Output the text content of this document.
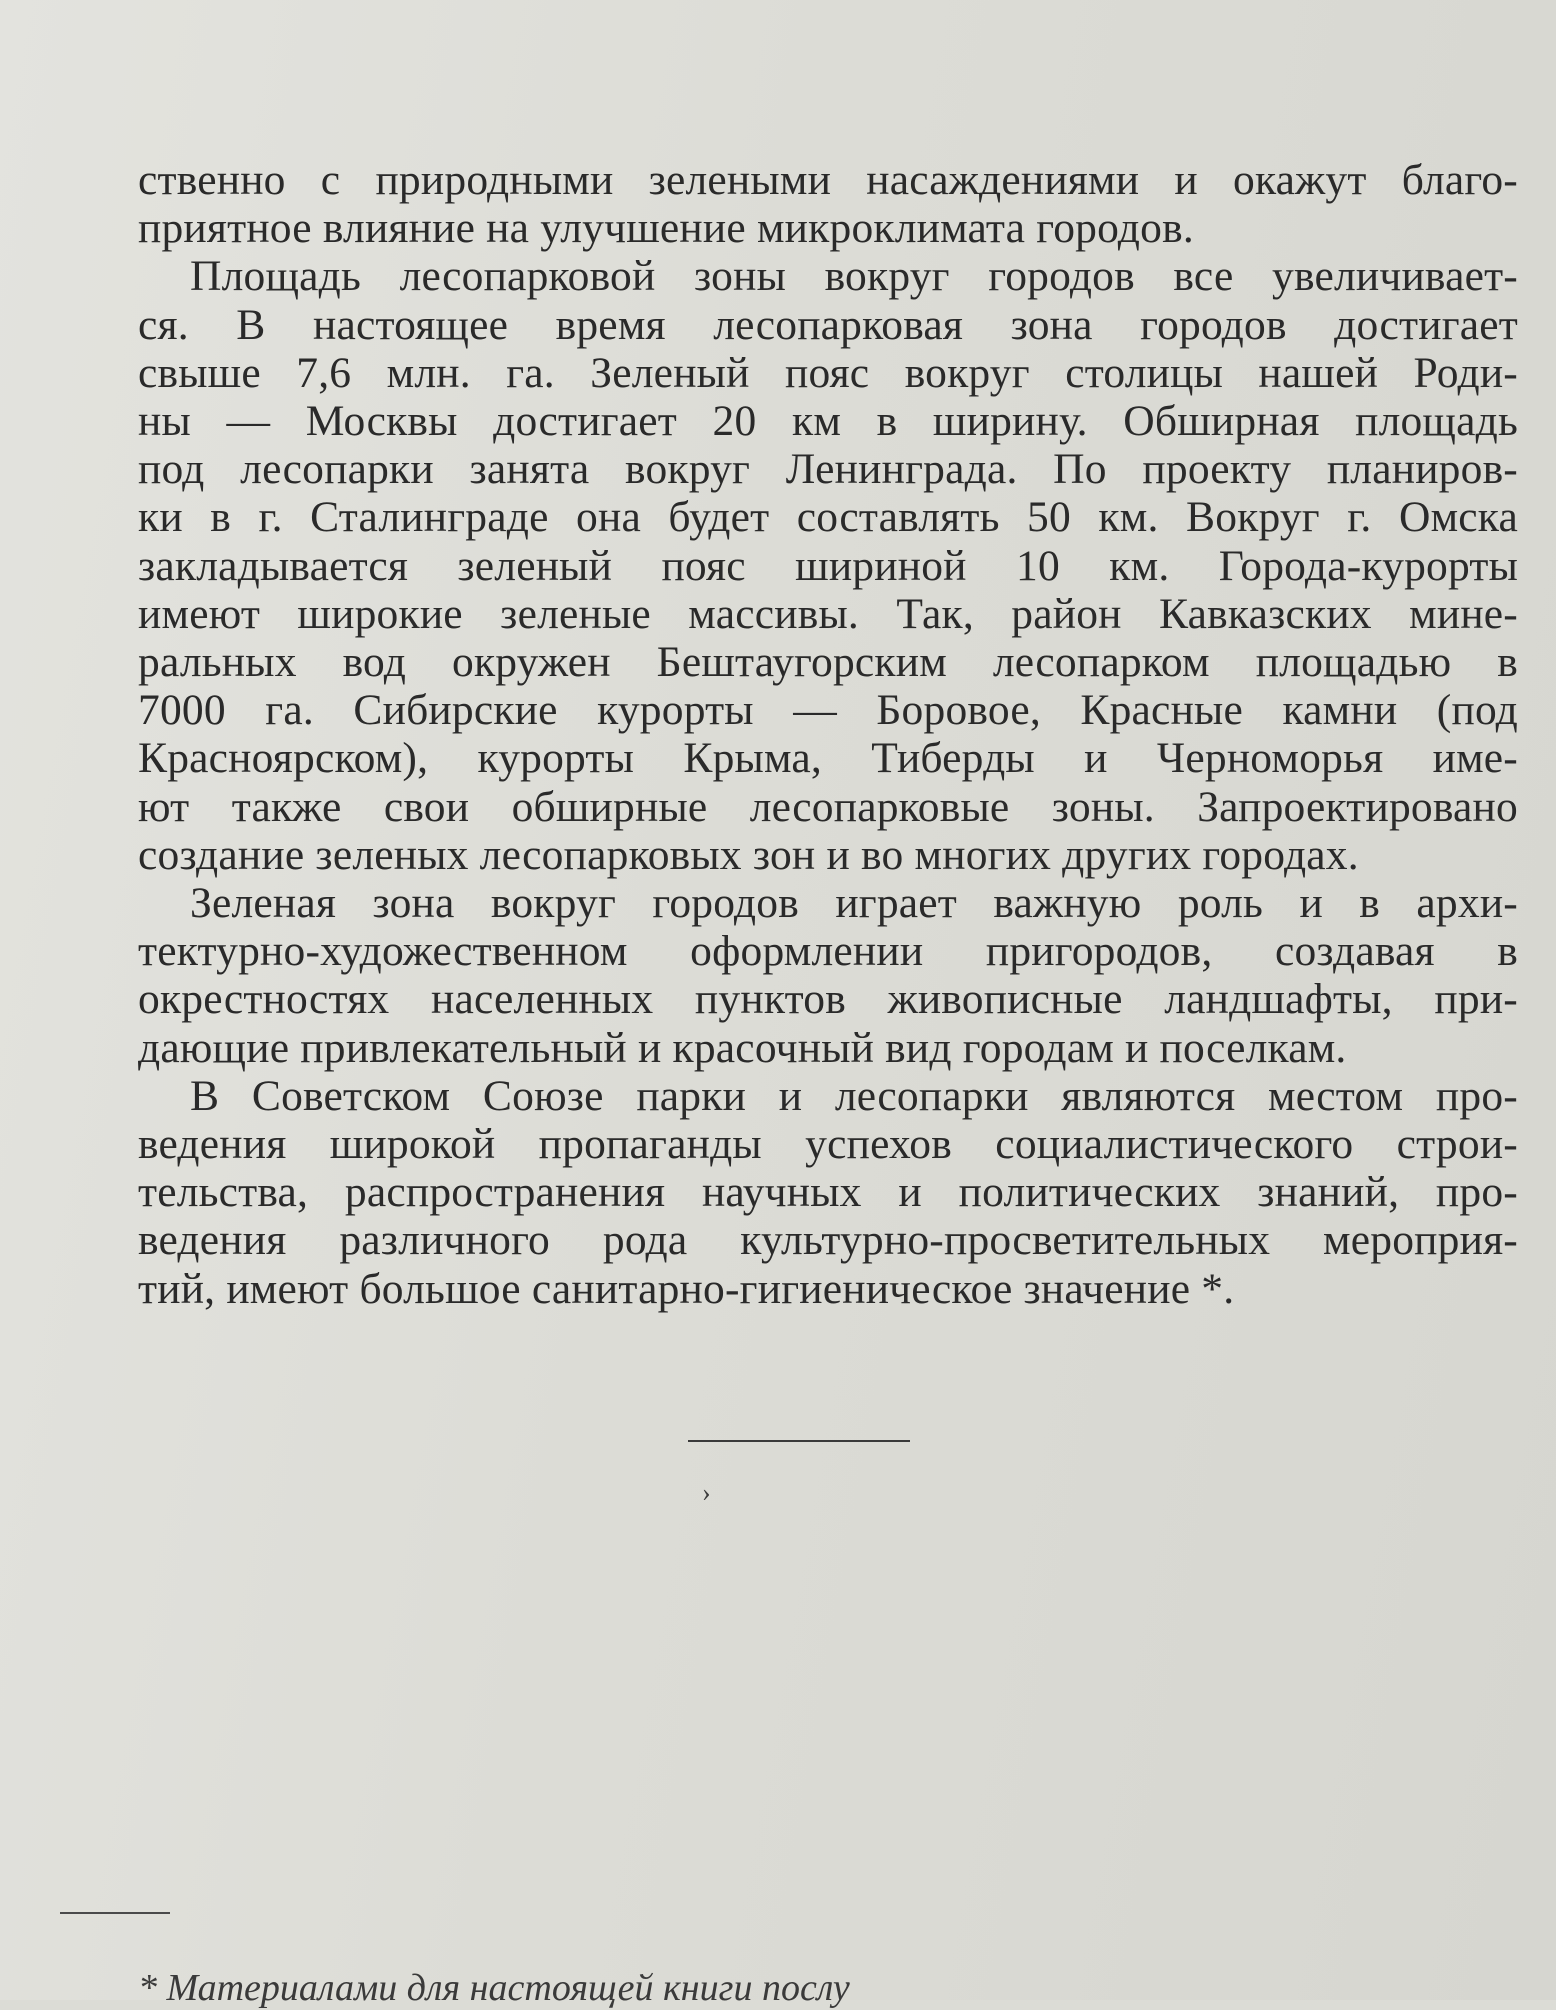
ственно с природными зелеными насаждениями и окажут благо-
приятное влияние на улучшение микроклимата городов.

Площадь лесопарковой зоны вокруг городов все увеличивает-
ся. В настоящее время лесопарковая зона городов достигает
свыше 7,6 млн. га. Зеленый пояс вокруг столицы нашей Роди-
ны — Москвы достигает 20 км в ширину. Обширная площадь
под лесопарки занята вокруг Ленинграда. По проекту планиров-
ки в г. Сталинграде она будет составлять 50 км. Вокруг г. Омска
закладывается зеленый пояс шириной 10 км. Города-курорты
имеют широкие зеленые массивы. Так, район Кавказских мине-
ральных вод окружен Бештаугорским лесопарком площадью в
7000 га. Сибирские курорты — Боровое, Красные камни (под
Красноярском), курорты Крыма, Тиберды и Черноморья име-
ют также свои обширные лесопарковые зоны. Запроектировано
создание зеленых лесопарковых зон и во многих других городах.

Зеленая зона вокруг городов играет важную роль и в архи-
тектурно-художественном оформлении пригородов, создавая в
окрестностях населенных пунктов живописные ландшафты, при-
дающие привлекательный и красочный вид городам и поселкам.

В Советском Союзе парки и лесопарки являются местом про-
ведения широкой пропаганды успехов социалистического строи-
тельства, распространения научных и политических знаний, про-
ведения различного рода культурно-просветительных мероприя-
тий, имеют большое санитарно-гигиеническое значение *.

›
* Материалами для настоящей книги послу
